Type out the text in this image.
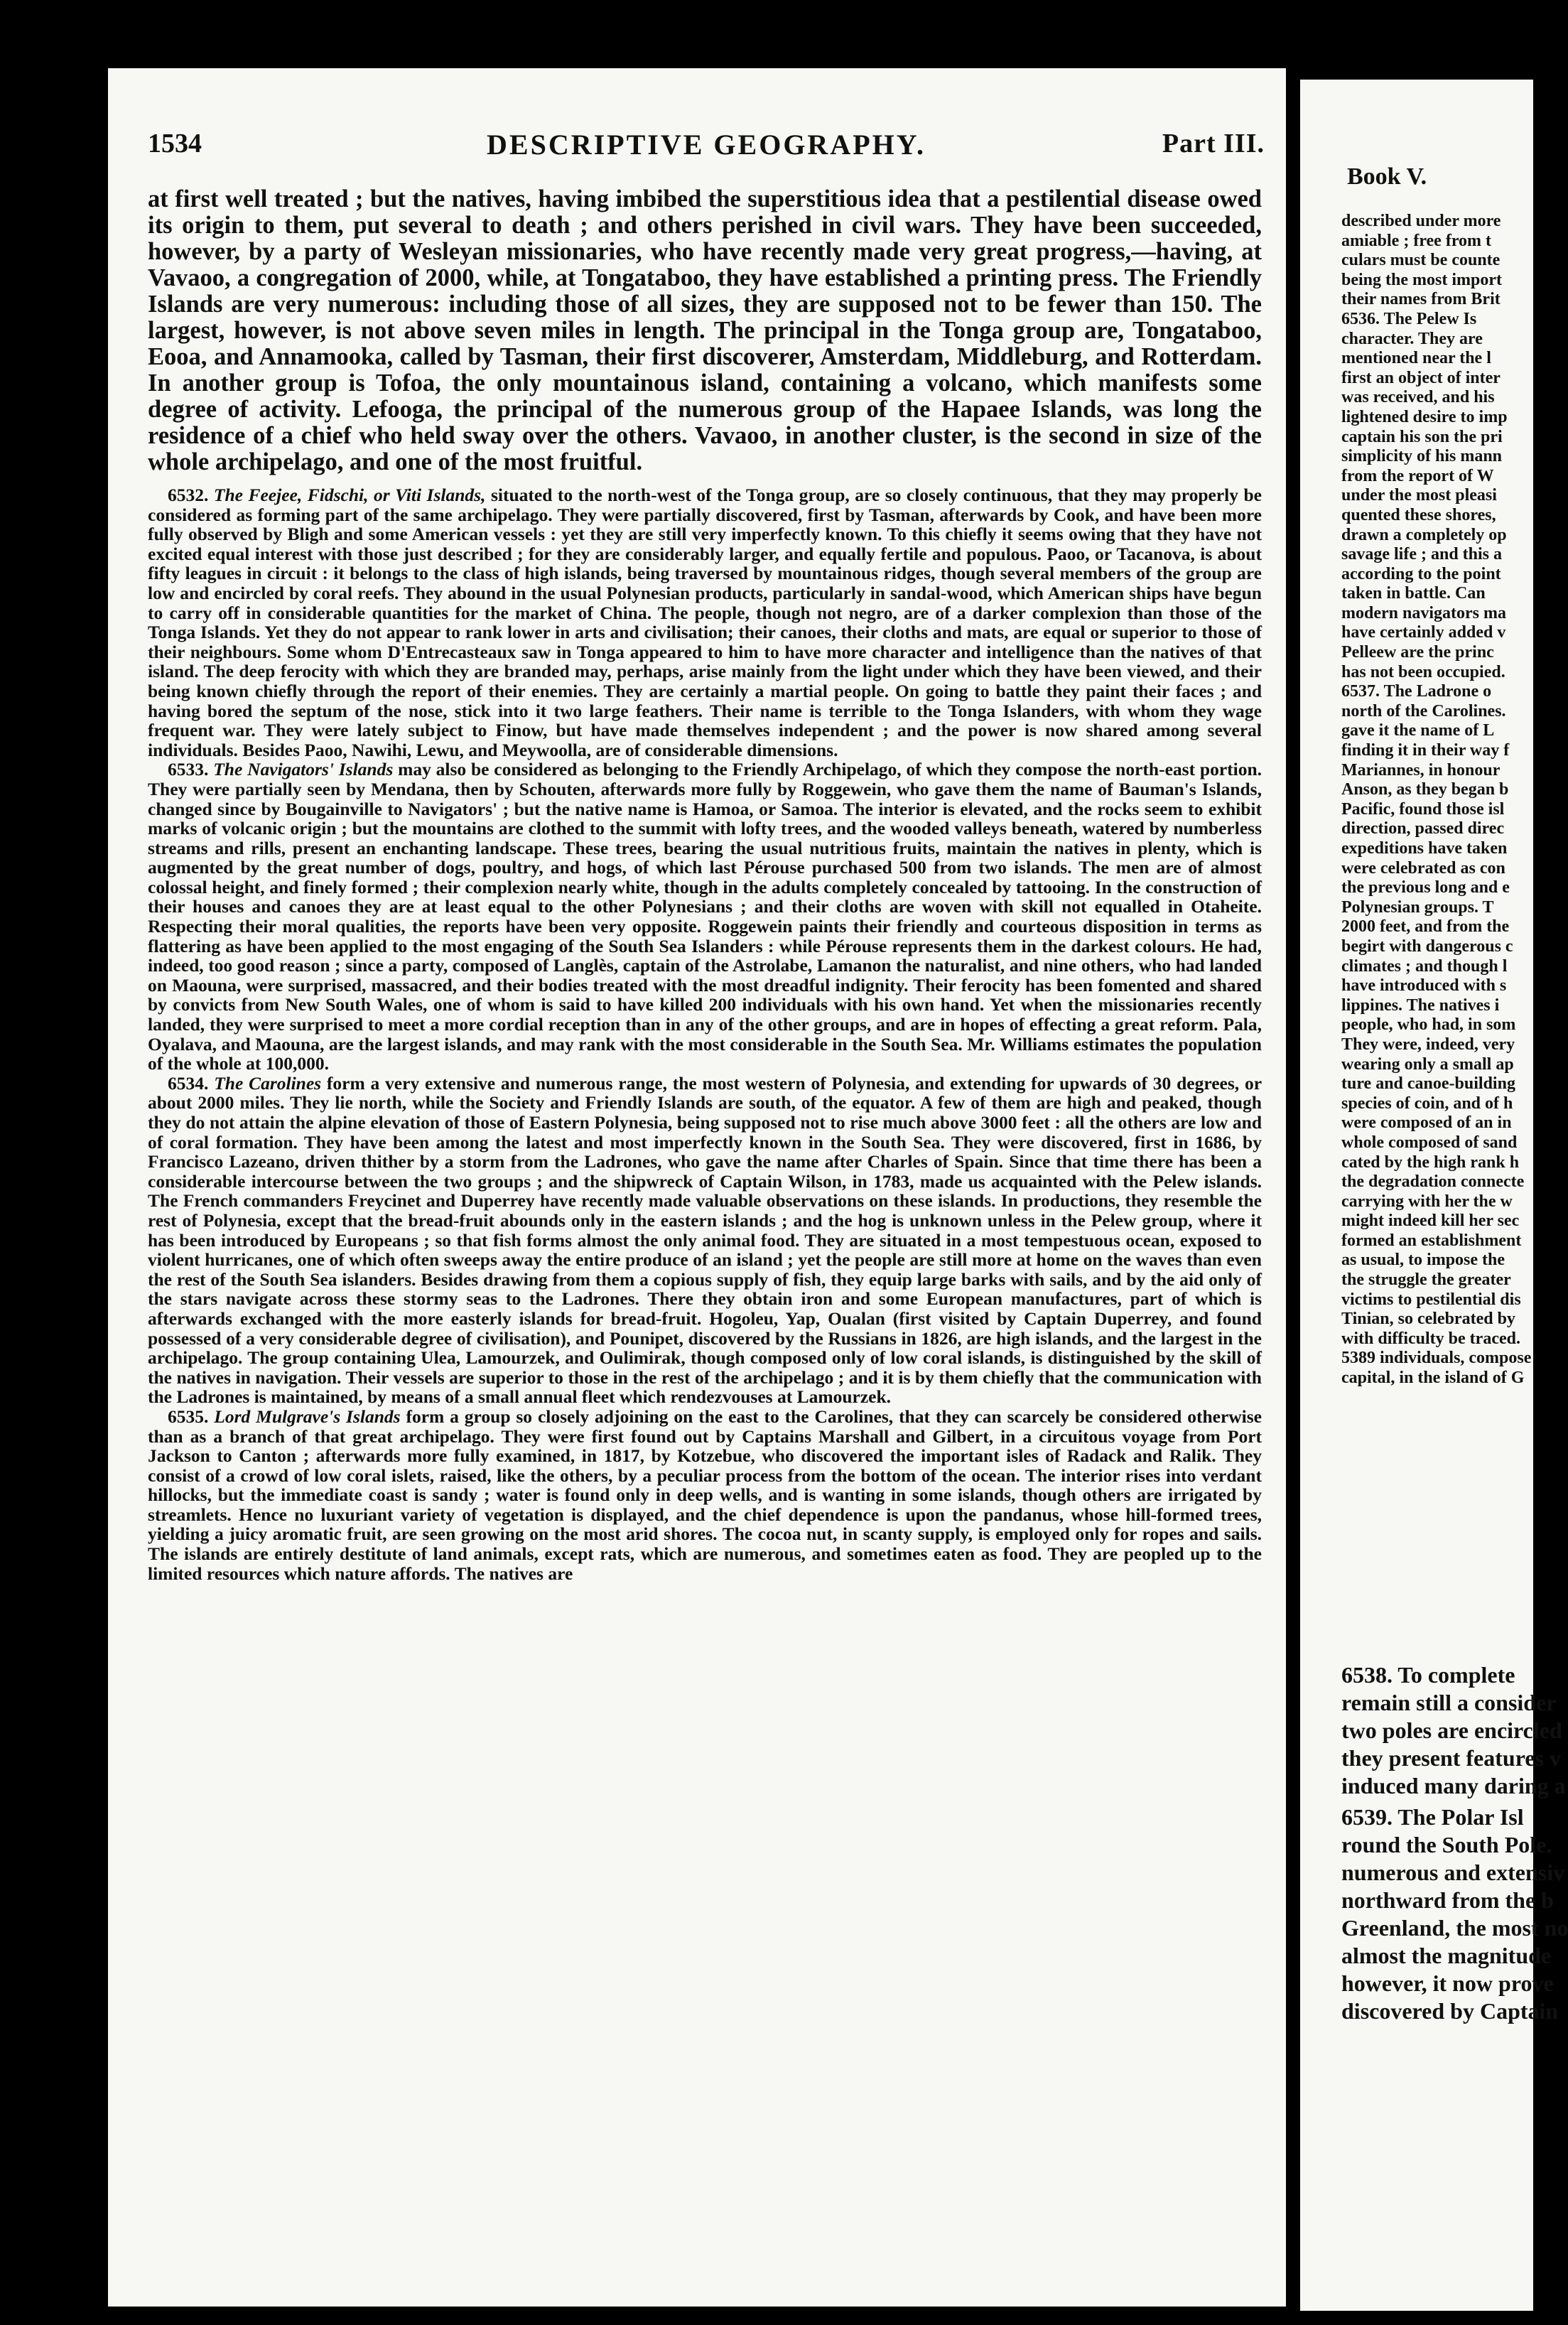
Book V.
described under more
amiable ; free from t
culars must be counte
being the most import
their names from Brit
6536. The Pelew Is
character. They are
mentioned near the l
first an object of inter
was received, and his
lightened desire to imp
captain his son the pri
simplicity of his mann
from the report of W
under the most pleasi
quented these shores,
drawn a completely op
savage life ; and this a
according to the point
taken in battle. Can
modern navigators ma
have certainly added v
Pelleew are the princ
has not been occupied.
6537. The Ladrone o
north of the Carolines.
gave it the name of L
finding it in their way f
Mariannes, in honour
Anson, as they began b
Pacific, found those isl
direction, passed direc
expeditions have taken
were celebrated as con
the previous long and e
Polynesian groups. T
2000 feet, and from the
begirt with dangerous c
climates ; and though l
have introduced with s
lippines. The natives i
people, who had, in som
They were, indeed, very
wearing only a small ap
ture and canoe-building
species of coin, and of h
were composed of an in
whole composed of sand
cated by the high rank h
the degradation connecte
carrying with her the w
might indeed kill her sec
formed an establishment
as usual, to impose the
the struggle the greater
victims to pestilential dis
Tinian, so celebrated by
with difficulty be traced.
5389 individuals, compose
capital, in the island of G
6538. To complete
remain still a consider
two poles are encircled
they present features v
induced many daring a
6539. The Polar Isl
round the South Pole.
numerous and extensiv
northward from the b
Greenland, the most no
almost the magnitude
however, it now prove
discovered by Captain
1534	DESCRIPTIVE GEOGRAPHY.	Part III.

at first well treated ; but the natives, having imbibed the superstitious idea that a pestilential disease owed its origin to them, put several to death ; and others perished in civil wars. They have been succeeded, however, by a party of Wesleyan missionaries, who have recently made very great progress,—having, at Vavaoo, a congregation of 2000, while, at Tongataboo, they have established a printing press. The Friendly Islands are very numerous: including those of all sizes, they are supposed not to be fewer than 150. The largest, however, is not above seven miles in length. The principal in the Tonga group are, Tongataboo, Eooa, and Annamooka, called by Tasman, their first discoverer, Amsterdam, Middleburg, and Rotterdam. In another group is Tofoa, the only mountainous island, containing a volcano, which manifests some degree of activity. Lefooga, the principal of the numerous group of the Hapaee Islands, was long the residence of a chief who held sway over the others. Vavaoo, in another cluster, is the second in size of the whole archipelago, and one of the most fruitful.

6532. The Feejee, Fidschi, or Viti Islands, situated to the north-west of the Tonga group, are so closely continuous, that they may properly be considered as forming part of the same archipelago. They were partially discovered, first by Tasman, afterwards by Cook, and have been more fully observed by Bligh and some American vessels : yet they are still very imperfectly known. To this chiefly it seems owing that they have not excited equal interest with those just described ; for they are considerably larger, and equally fertile and populous. Paoo, or Tacanova, is about fifty leagues in circuit : it belongs to the class of high islands, being traversed by mountainous ridges, though several members of the group are low and encircled by coral reefs. They abound in the usual Polynesian products, particularly in sandal-wood, which American ships have begun to carry off in considerable quantities for the market of China. The people, though not negro, are of a darker complexion than those of the Tonga Islands. Yet they do not appear to rank lower in arts and civilisation; their canoes, their cloths and mats, are equal or superior to those of their neighbours. Some whom D'Entrecasteaux saw in Tonga appeared to him to have more character and intelligence than the natives of that island. The deep ferocity with which they are branded may, perhaps, arise mainly from the light under which they have been viewed, and their being known chiefly through the report of their enemies. They are certainly a martial people. On going to battle they paint their faces ; and having bored the septum of the nose, stick into it two large feathers. Their name is terrible to the Tonga Islanders, with whom they wage frequent war. They were lately subject to Finow, but have made themselves independent ; and the power is now shared among several individuals. Besides Paoo, Nawihi, Lewu, and Meywoolla, are of considerable dimensions.

6533. The Navigators' Islands may also be considered as belonging to the Friendly Archipelago, of which they compose the north-east portion. They were partially seen by Mendana, then by Schouten, afterwards more fully by Roggewein, who gave them the name of Bauman's Islands, changed since by Bougainville to Navigators' ; but the native name is Hamoa, or Samoa. The interior is elevated, and the rocks seem to exhibit marks of volcanic origin ; but the mountains are clothed to the summit with lofty trees, and the wooded valleys beneath, watered by numberless streams and rills, present an enchanting landscape. These trees, bearing the usual nutritious fruits, maintain the natives in plenty, which is augmented by the great number of dogs, poultry, and hogs, of which last Pérouse purchased 500 from two islands. The men are of almost colossal height, and finely formed ; their complexion nearly white, though in the adults completely concealed by tattooing. In the construction of their houses and canoes they are at least equal to the other Polynesians ; and their cloths are woven with skill not equalled in Otaheite. Respecting their moral qualities, the reports have been very opposite. Roggewein paints their friendly and courteous disposition in terms as flattering as have been applied to the most engaging of the South Sea Islanders : while Pérouse represents them in the darkest colours. He had, indeed, too good reason ; since a party, composed of Langlès, captain of the Astrolabe, Lamanon the naturalist, and nine others, who had landed on Maouna, were surprised, massacred, and their bodies treated with the most dreadful indignity. Their ferocity has been fomented and shared by convicts from New South Wales, one of whom is said to have killed 200 individuals with his own hand. Yet when the missionaries recently landed, they were surprised to meet a more cordial reception than in any of the other groups, and are in hopes of effecting a great reform. Pala, Oyalava, and Maouna, are the largest islands, and may rank with the most considerable in the South Sea. Mr. Williams estimates the population of the whole at 100,000.

6534. The Carolines form a very extensive and numerous range, the most western of Polynesia, and extending for upwards of 30 degrees, or about 2000 miles. They lie north, while the Society and Friendly Islands are south, of the equator. A few of them are high and peaked, though they do not attain the alpine elevation of those of Eastern Polynesia, being supposed not to rise much above 3000 feet : all the others are low and of coral formation. They have been among the latest and most imperfectly known in the South Sea. They were discovered, first in 1686, by Francisco Lazeano, driven thither by a storm from the Ladrones, who gave the name after Charles of Spain. Since that time there has been a considerable intercourse between the two groups ; and the shipwreck of Captain Wilson, in 1783, made us acquainted with the Pelew islands. The French commanders Freycinet and Duperrey have recently made valuable observations on these islands. In productions, they resemble the rest of Polynesia, except that the bread-fruit abounds only in the eastern islands ; and the hog is unknown unless in the Pelew group, where it has been introduced by Europeans ; so that fish forms almost the only animal food. They are situated in a most tempestuous ocean, exposed to violent hurricanes, one of which often sweeps away the entire produce of an island ; yet the people are still more at home on the waves than even the rest of the South Sea islanders. Besides drawing from them a copious supply of fish, they equip large barks with sails, and by the aid only of the stars navigate across these stormy seas to the Ladrones. There they obtain iron and some European manufactures, part of which is afterwards exchanged with the more easterly islands for bread-fruit. Hogoleu, Yap, Oualan (first visited by Captain Duperrey, and found possessed of a very considerable degree of civilisation), and Pounipet, discovered by the Russians in 1826, are high islands, and the largest in the archipelago. The group containing Ulea, Lamourzek, and Oulimirak, though composed only of low coral islands, is distinguished by the skill of the natives in navigation. Their vessels are superior to those in the rest of the archipelago ; and it is by them chiefly that the communication with the Ladrones is maintained, by means of a small annual fleet which rendezvouses at Lamourzek.

6535. Lord Mulgrave's Islands form a group so closely adjoining on the east to the Carolines, that they can scarcely be considered otherwise than as a branch of that great archipelago. They were first found out by Captains Marshall and Gilbert, in a circuitous voyage from Port Jackson to Canton ; afterwards more fully examined, in 1817, by Kotzebue, who discovered the important isles of Radack and Ralik. They consist of a crowd of low coral islets, raised, like the others, by a peculiar process from the bottom of the ocean. The interior rises into verdant hillocks, but the immediate coast is sandy ; water is found only in deep wells, and is wanting in some islands, though others are irrigated by streamlets. Hence no luxuriant variety of vegetation is displayed, and the chief dependence is upon the pandanus, whose hill-formed trees, yielding a juicy aromatic fruit, are seen growing on the most arid shores. The cocoa nut, in scanty supply, is employed only for ropes and sails. The islands are entirely destitute of land animals, except rats, which are numerous, and sometimes eaten as food. They are peopled up to the limited resources which nature affords. The natives are
